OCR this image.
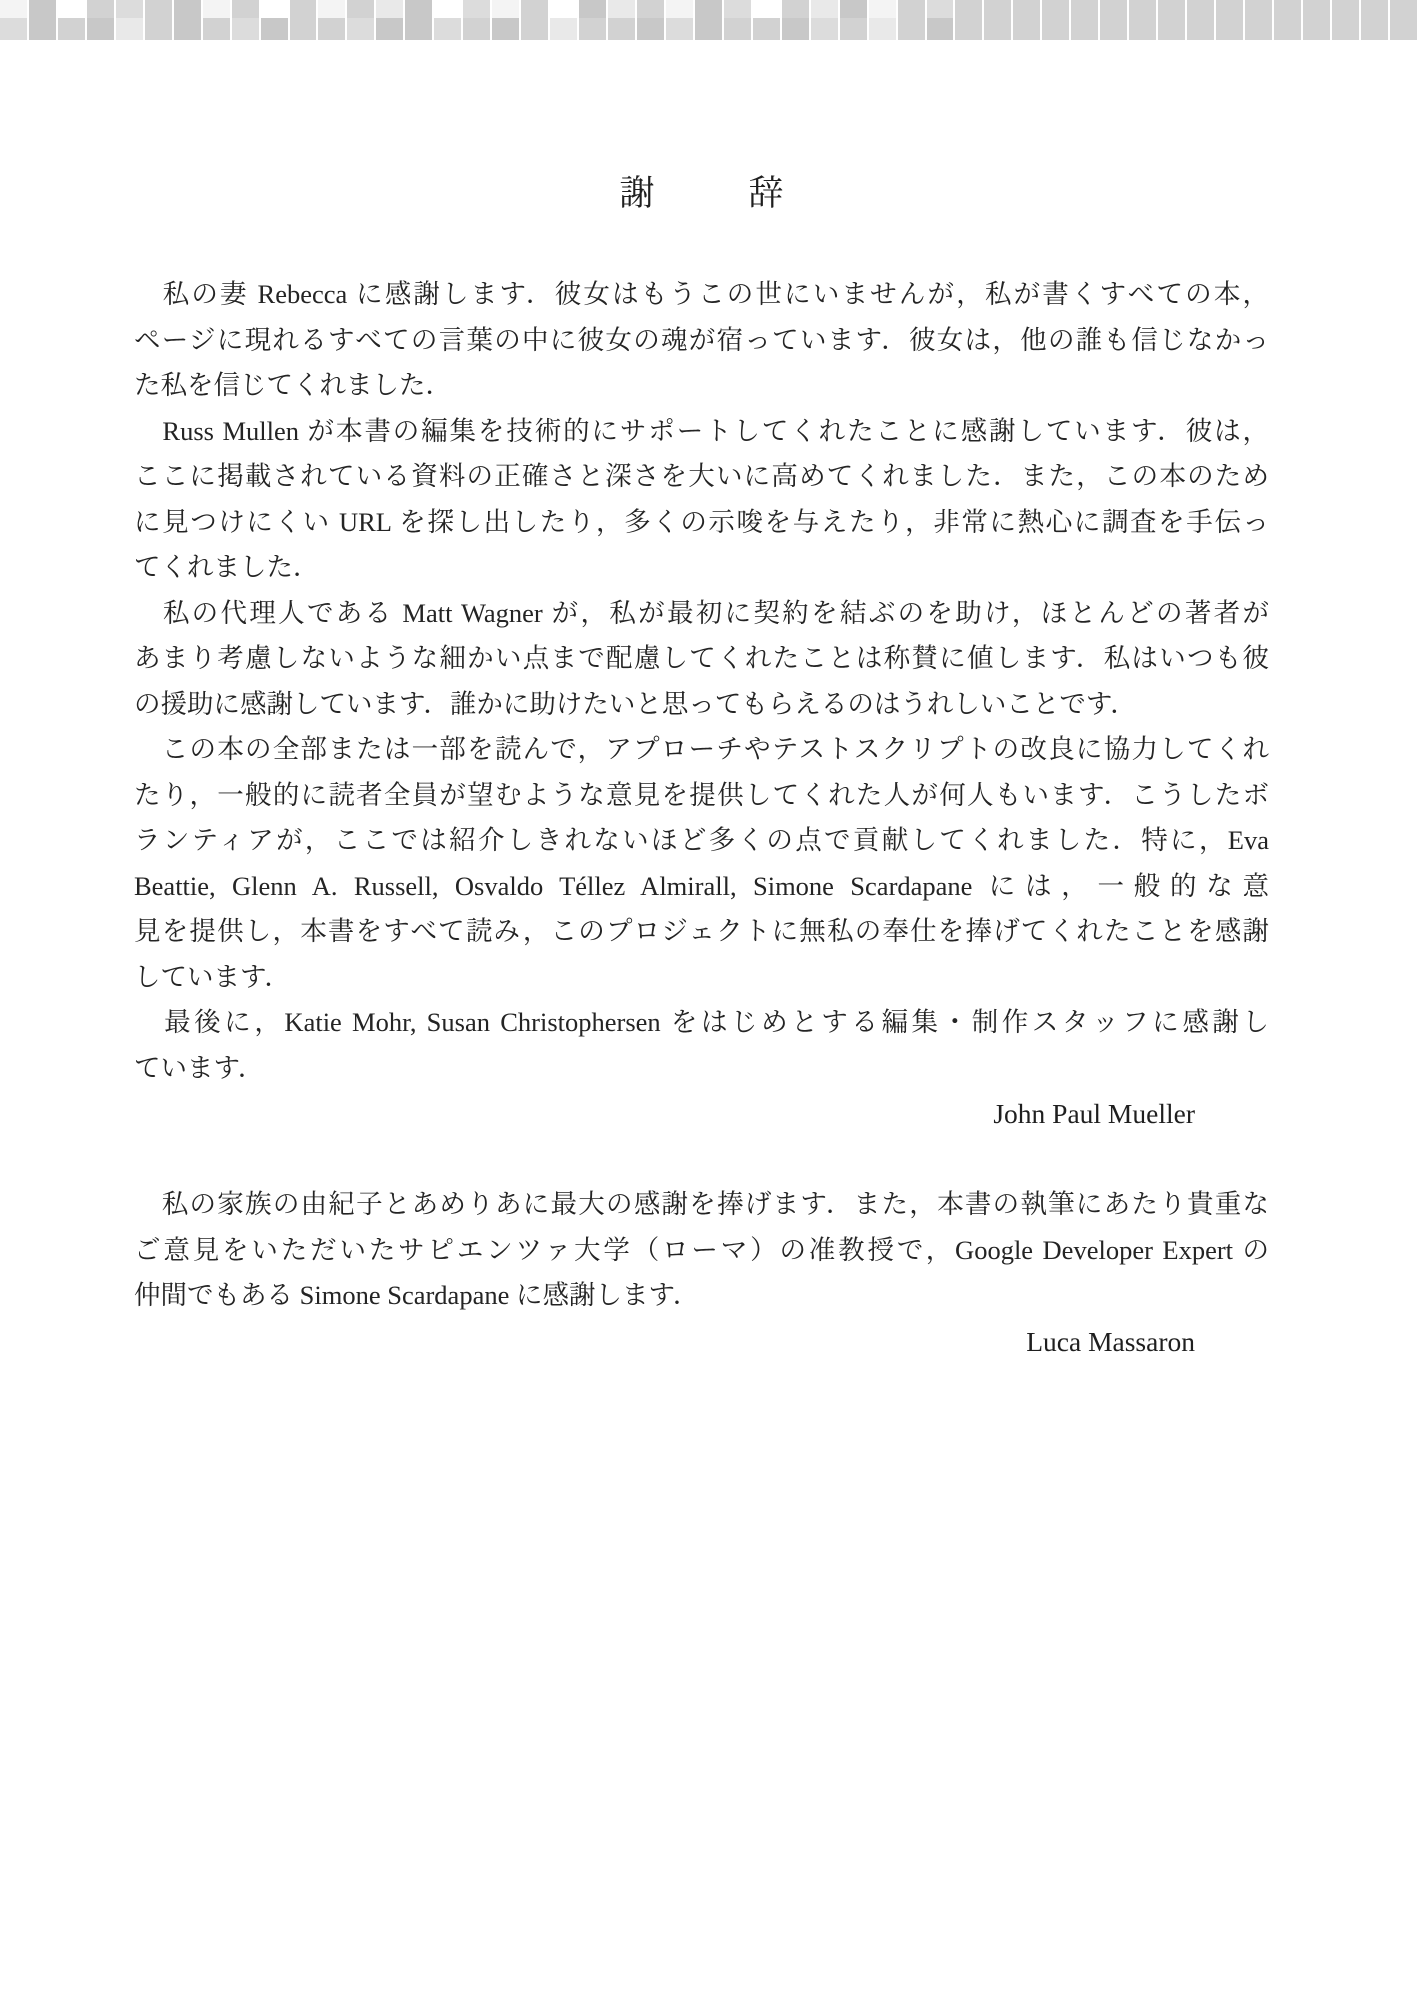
謝	辞
　私の妻 Rebecca に感謝します．彼女はもうこの世にいませんが，私が書くすべての本，
ページに現れるすべての言葉の中に彼女の魂が宿っています．彼女は，他の誰も信じなかっ
た私を信じてくれました．
　Russ Mullen が本書の編集を技術的にサポートしてくれたことに感謝しています．彼は，
ここに掲載されている資料の正確さと深さを大いに高めてくれました．また，この本のため
に見つけにくい URL を探し出したり，多くの示唆を与えたり，非常に熱心に調査を手伝っ
てくれました．
　私の代理人である Matt Wagner が，私が最初に契約を結ぶのを助け，ほとんどの著者が
あまり考慮しないような細かい点まで配慮してくれたことは称賛に値します．私はいつも彼
の援助に感謝しています．誰かに助けたいと思ってもらえるのはうれしいことです．
　この本の全部または一部を読んで，アプローチやテストスクリプトの改良に協力してくれ
たり，一般的に読者全員が望むような意見を提供してくれた人が何人もいます．こうしたボ
ランティアが，ここでは紹介しきれないほど多くの点で貢献してくれました．特に，Eva
Beattie, Glenn A. Russell, Osvaldo Téllez Almirall, Simone Scardapane には，一般的な意
見を提供し，本書をすべて読み，このプロジェクトに無私の奉仕を捧げてくれたことを感謝
しています．
　最後に，Katie Mohr, Susan Christophersen をはじめとする編集・制作スタッフに感謝し
ています．
John Paul Mueller
　私の家族の由紀子とあめりあに最大の感謝を捧げます．また，本書の執筆にあたり貴重な
ご意見をいただいたサピエンツァ大学（ローマ）の准教授で，Google Developer Expert の
仲間でもある Simone Scardapane に感謝します．
Luca Massaron
